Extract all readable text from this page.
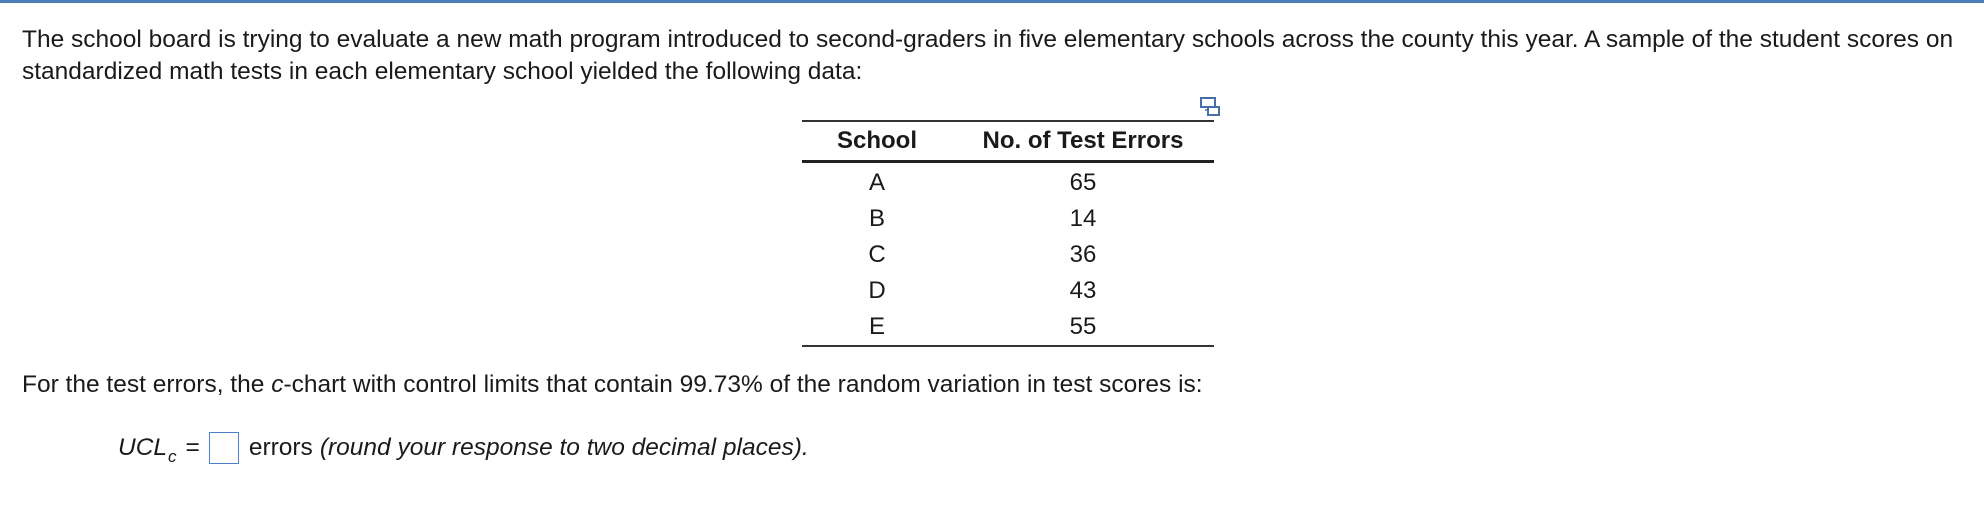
The school board is trying to evaluate a new math program introduced to second-graders in five elementary schools across the county this year. A sample of the student scores on standardized math tests in each elementary school yielded the following data:

School	No. of Test Errors
A	65
B	14
C	36
D	43
E	55

For the test errors, the c-chart with control limits that contain 99.73% of the random variation in test scores is:

UCL c = errors (round your response to two decimal places).
